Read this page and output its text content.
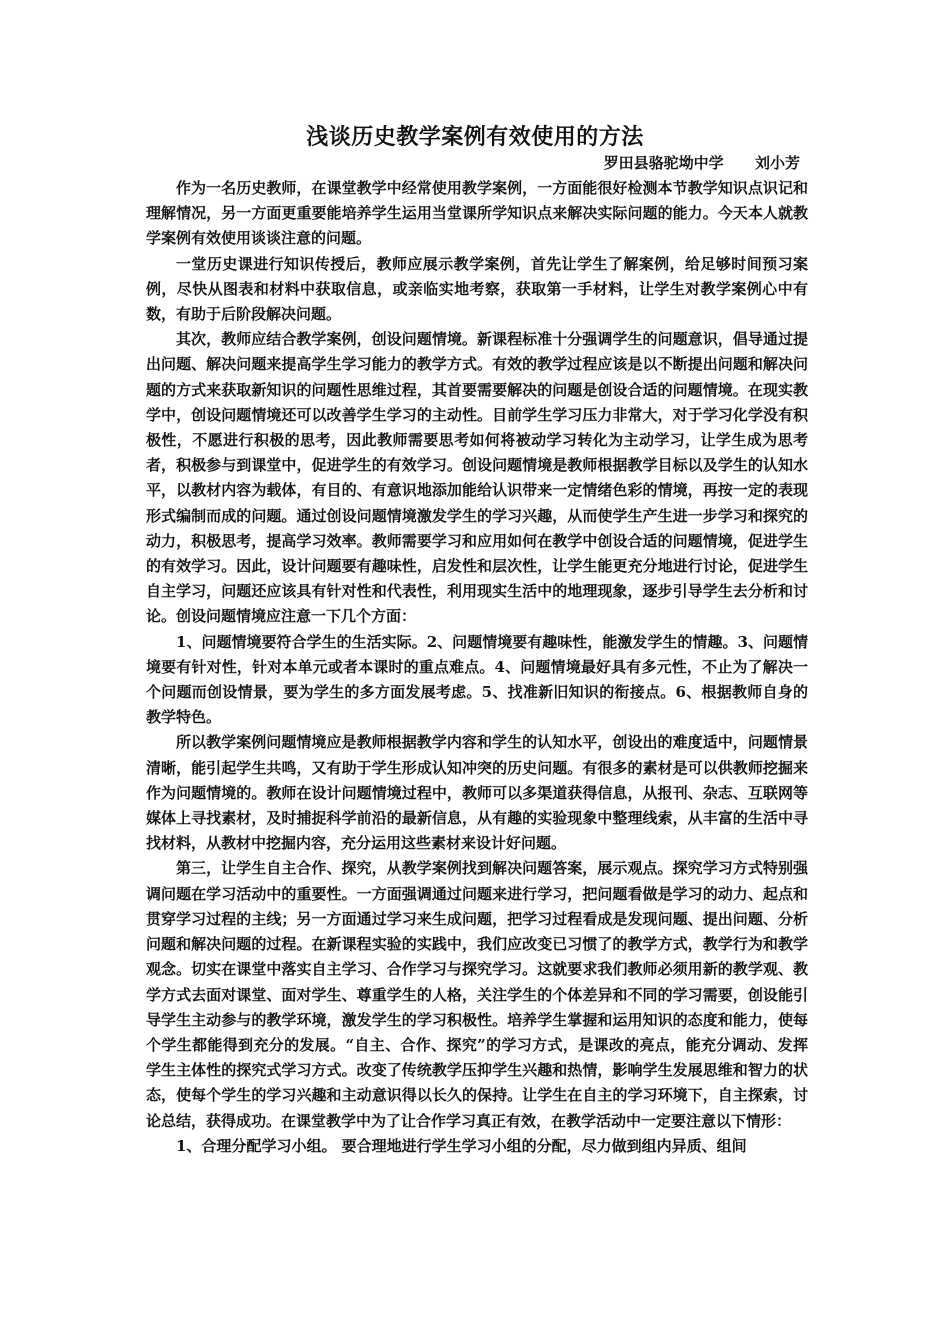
浅谈历史教学案例有效使用的方法
罗田县骆驼坳中学      刘小芳

作为一名历史教师，在课堂教学中经常使用教学案例，一方面能很好检测本节教学知识点识记和理解情况，另一方面更重要能培养学生运用当堂课所学知识点来解决实际问题的能力。今天本人就教学案例有效使用谈谈注意的问题。

一堂历史课进行知识传授后，教师应展示教学案例，首先让学生了解案例，给足够时间预习案例，尽快从图表和材料中获取信息，或亲临实地考察，获取第一手材料，让学生对教学案例心中有数，有助于后阶段解决问题。

其次，教师应结合教学案例，创设问题情境。新课程标准十分强调学生的问题意识，倡导通过提出问题、解决问题来提高学生学习能力的教学方式。有效的教学过程应该是以不断提出问题和解决问题的方式来获取新知识的问题性思维过程，其首要需要解决的问题是创设合适的问题情境。在现实教学中，创设问题情境还可以改善学生学习的主动性。目前学生学习压力非常大，对于学习化学没有积极性，不愿进行积极的思考，因此教师需要思考如何将被动学习转化为主动学习，让学生成为思考者，积极参与到课堂中，促进学生的有效学习。创设问题情境是教师根据教学目标以及学生的认知水平，以教材内容为载体，有目的、有意识地添加能给认识带来一定情绪色彩的情境，再按一定的表现形式编制而成的问题。通过创设问题情境激发学生的学习兴趣，从而使学生产生进一步学习和探究的动力，积极思考，提高学习效率。教师需要学习和应用如何在教学中创设合适的问题情境，促进学生的有效学习。因此，设计问题要有趣味性，启发性和层次性，让学生能更充分地进行讨论，促进学生自主学习，问题还应该具有针对性和代表性，利用现实生活中的地理现象，逐步引导学生去分析和讨论。创设问题情境应注意一下几个方面：

1、问题情境要符合学生的生活实际。2、问题情境要有趣味性，能激发学生的情趣。3、问题情境要有针对性，针对本单元或者本课时的重点难点。4、问题情境最好具有多元性，不止为了解决一个问题而创设情景，要为学生的多方面发展考虑。5、找准新旧知识的衔接点。6、根据教师自身的教学特色。

所以教学案例问题情境应是教师根据教学内容和学生的认知水平，创设出的难度适中，问题情景清晰，能引起学生共鸣，又有助于学生形成认知冲突的历史问题。有很多的素材是可以供教师挖掘来作为问题情境的。教师在设计问题情境过程中，教师可以多渠道获得信息，从报刊、杂志、互联网等媒体上寻找素材，及时捕捉科学前沿的最新信息，从有趣的实验现象中整理线索，从丰富的生活中寻找材料，从教材中挖掘内容，充分运用这些素材来设计好问题。

第三，让学生自主合作、探究，从教学案例找到解决问题答案，展示观点。探究学习方式特别强调问题在学习活动中的重要性。一方面强调通过问题来进行学习，把问题看做是学习的动力、起点和贯穿学习过程的主线；另一方面通过学习来生成问题，把学习过程看成是发现问题、提出问题、分析问题和解决问题的过程。在新课程实验的实践中，我们应改变已习惯了的教学方式，教学行为和教学观念。切实在课堂中落实自主学习、合作学习与探究学习。这就要求我们教师必须用新的教学观、教学方式去面对课堂、面对学生、尊重学生的人格，关注学生的个体差异和不同的学习需要，创设能引导学生主动参与的教学环境，激发学生的学习积极性。培养学生掌握和运用知识的态度和能力，使每个学生都能得到充分的发展。“自主、合作、探究”的学习方式，是课改的亮点，能充分调动、发挥学生主体性的探究式学习方式。改变了传统教学压抑学生兴趣和热情，影响学生发展思维和智力的状态，使每个学生的学习兴趣和主动意识得以长久的保持。让学生在自主的学习环境下，自主探索，讨论总结，获得成功。在课堂教学中为了让合作学习真正有效，在教学活动中一定要注意以下情形：

1、合理分配学习小组。 要合理地进行学生学习小组的分配，尽力做到组内异质、组间
